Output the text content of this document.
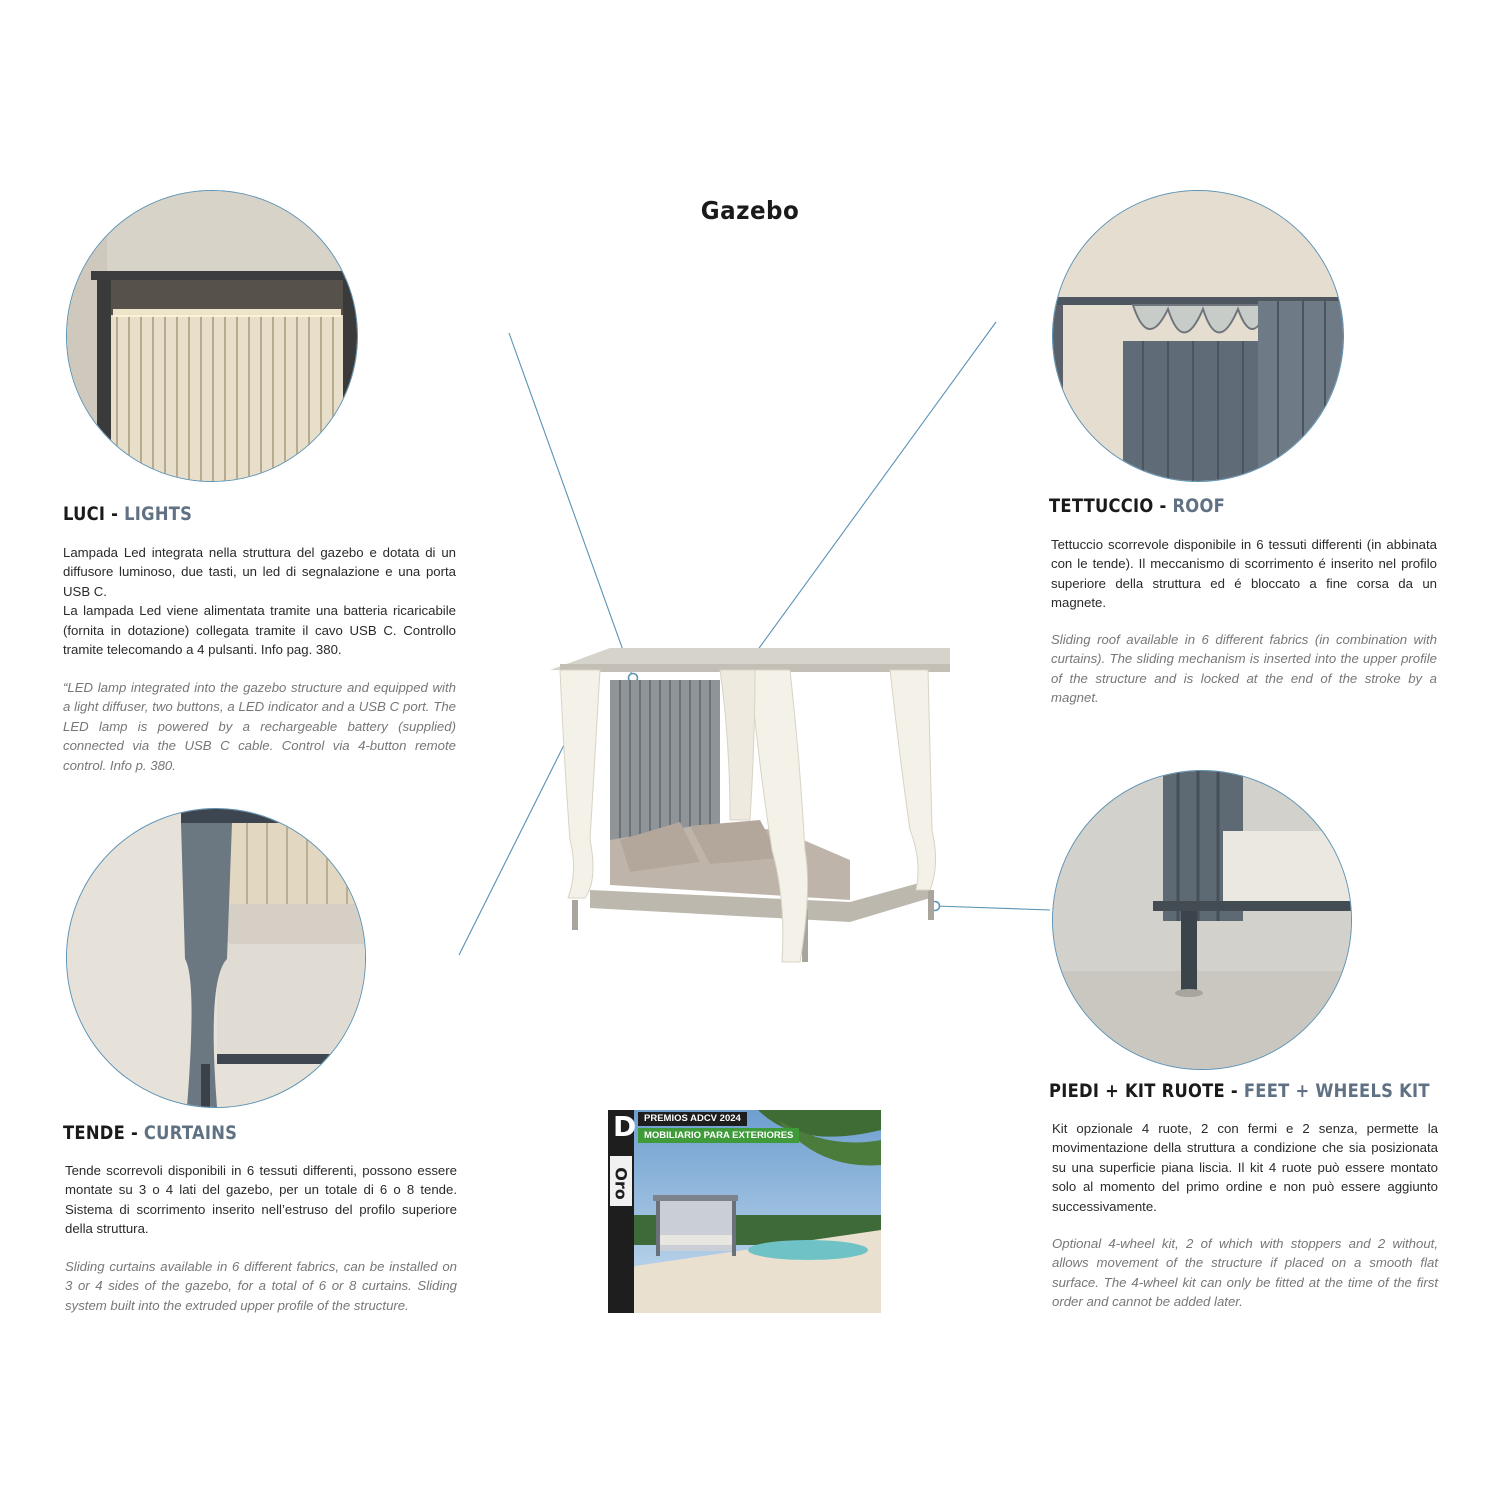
Gazebo
D
Oro
PREMIOS ADCV 2024
MOBILIARIO PARA EXTERIORES
LUCI - LIGHTS

Lampada Led integrata nella struttura del gazebo e dotata di un diffusore luminoso, due tasti, un led di segnalazione e una porta USB C.

La lampada Led viene alimentata tramite una batteria ricaricabile (fornita in dotazione) collegata tramite il cavo USB C. Controllo tramite telecomando a 4 pulsanti. Info pag. 380.

“LED lamp integrated into the gazebo structure and equipped with a light diffuser, two buttons, a LED indicator and a USB C port. The LED lamp is powered by a rechargeable battery (supplied) connected via the USB C cable. Control via 4-button remote control. Info p. 380.
TETTUCCIO - ROOF
Tettuccio scorrevole disponibile in 6 tessuti differenti (in abbinata con le tende). Il meccanismo di scorrimento é inserito nel profilo superiore della struttura ed é bloccato a fine corsa da un magnete.
Sliding roof available in 6 different fabrics (in combination with curtains). The sliding mechanism is inserted into the upper profile of the structure and is locked at the end of the stroke by a magnet.
TENDE - CURTAINS
Tende scorrevoli disponibili in 6 tessuti differenti, possono essere montate su 3 o 4 lati del gazebo, per un totale di 6 o 8 tende. Sistema di scorrimento inserito nell’estruso del profilo superiore della struttura.
Sliding curtains available in 6 different fabrics, can be installed on 3 or 4 sides of the gazebo, for a total of 6 or 8 curtains. Sliding system built into the extruded upper profile of the structure.
PIEDI + KIT RUOTE - FEET + WHEELS KIT
Kit opzionale 4 ruote, 2 con fermi e 2 senza, permette la movimentazione della struttura a condizione che sia posizionata su una superficie piana liscia. Il kit 4 ruote può essere montato solo al momento del primo ordine e non può essere aggiunto successivamente.
Optional 4-wheel kit, 2 of which with stoppers and 2 without, allows movement of the structure if placed on a smooth flat surface. The 4-wheel kit can only be fitted at the time of the first order and cannot be added later.
